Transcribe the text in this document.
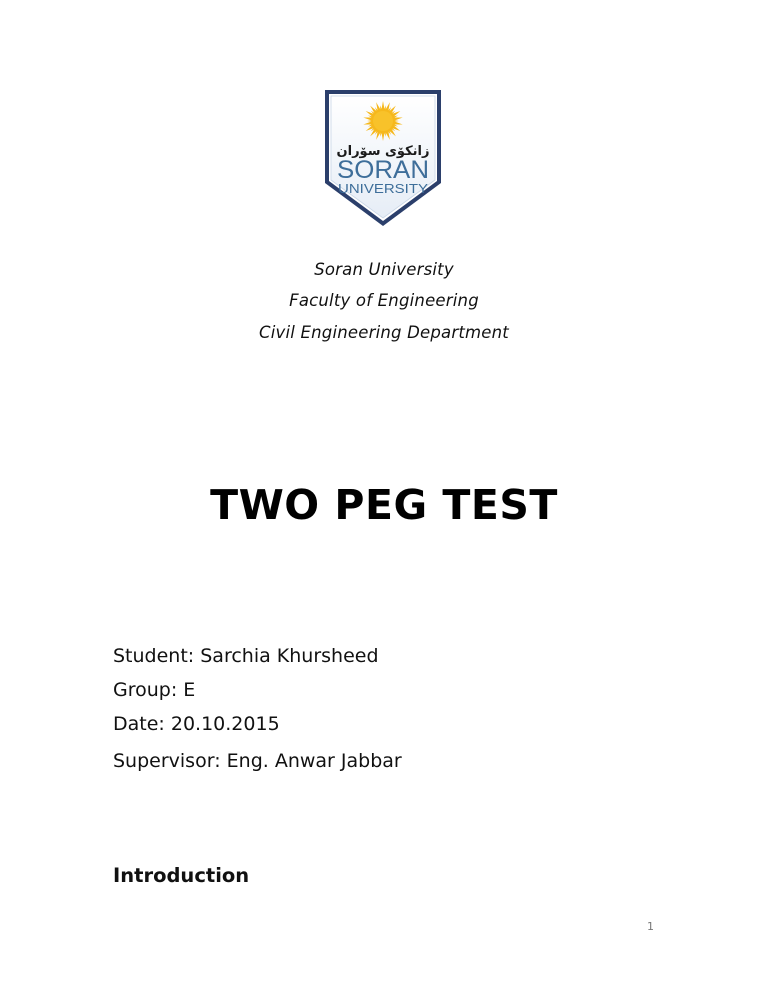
زانكۆی سۆران
SORAN
UNIVERSITY
Soran University
Faculty of Engineering
Civil Engineering Department
TWO PEG TEST
Student: Sarchia Khursheed
Group: E
Date: 20.10.2015
Supervisor: Eng. Anwar Jabbar
Introduction
1
